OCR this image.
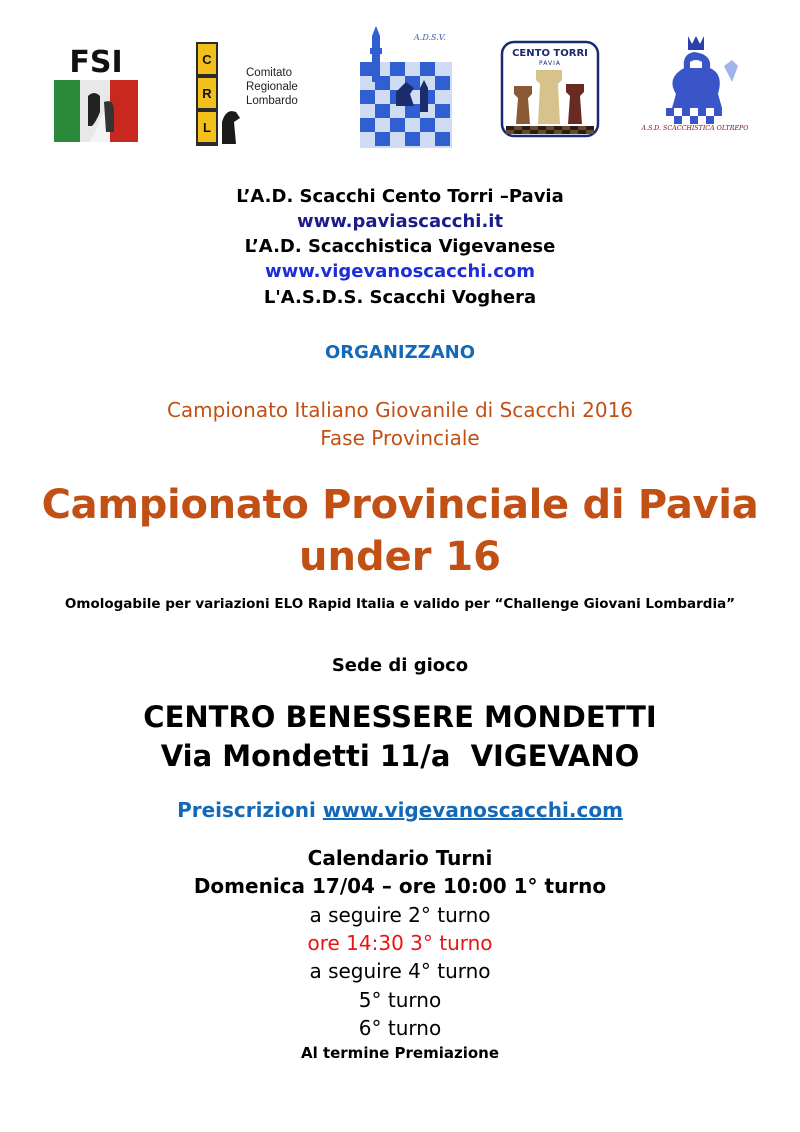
FSI	C
R
L
Comitato
Regionale
Lombardo
A.D.S.V.
CENTO TORRI
PAVIA
A.S.D. SCACCHISTICA OLTREPO

L’A.D. Scacchi Cento Torri –Pavia

www.paviascacchi.it

L’A.D. Scacchistica Vigevanese

www.vigevanoscacchi.com

L'A.S.D.S. Scacchi Voghera

ORGANIZZANO

Campionato Italiano Giovanile di Scacchi 2016

Fase Provinciale

Campionato Provinciale di Pavia

under 16

Omologabile per variazioni ELO Rapid Italia e valido per “Challenge Giovani Lombardia”

Sede di gioco

CENTRO BENESSERE MONDETTI

Via Mondetti 11/a  VIGEVANO

Preiscrizioni www.vigevanoscacchi.com

Calendario Turni

Domenica 17/04 – ore 10:00 1° turno

a seguire 2° turno

ore 14:30 3° turno

a seguire 4° turno

5° turno

6° turno

Al termine Premiazione
